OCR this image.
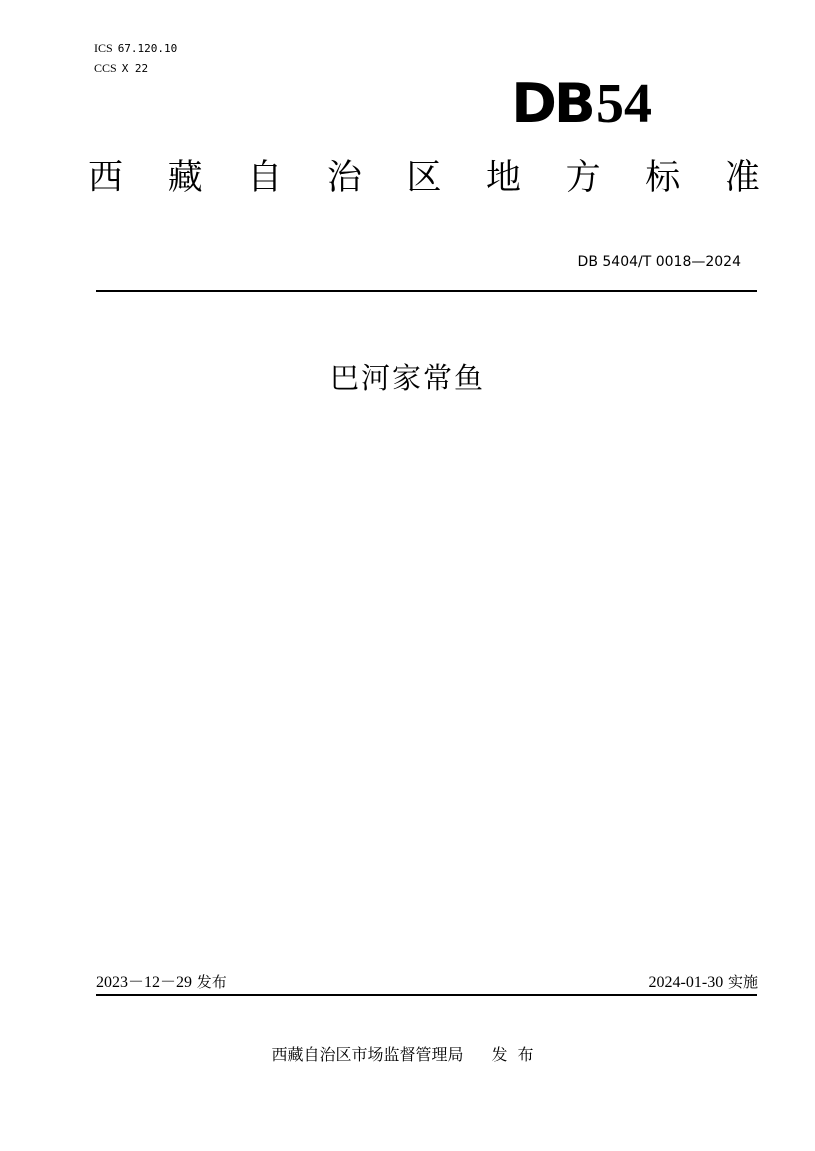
ICS 67.120.10
CCS X 22
DB54
西 藏 自 治 区 地 方 标 准
DB 5404/T 0018—2024
巴河家常鱼
2023－12－29 发布	2024-01-30 实施
西藏自治区市场监督管理局 发布
